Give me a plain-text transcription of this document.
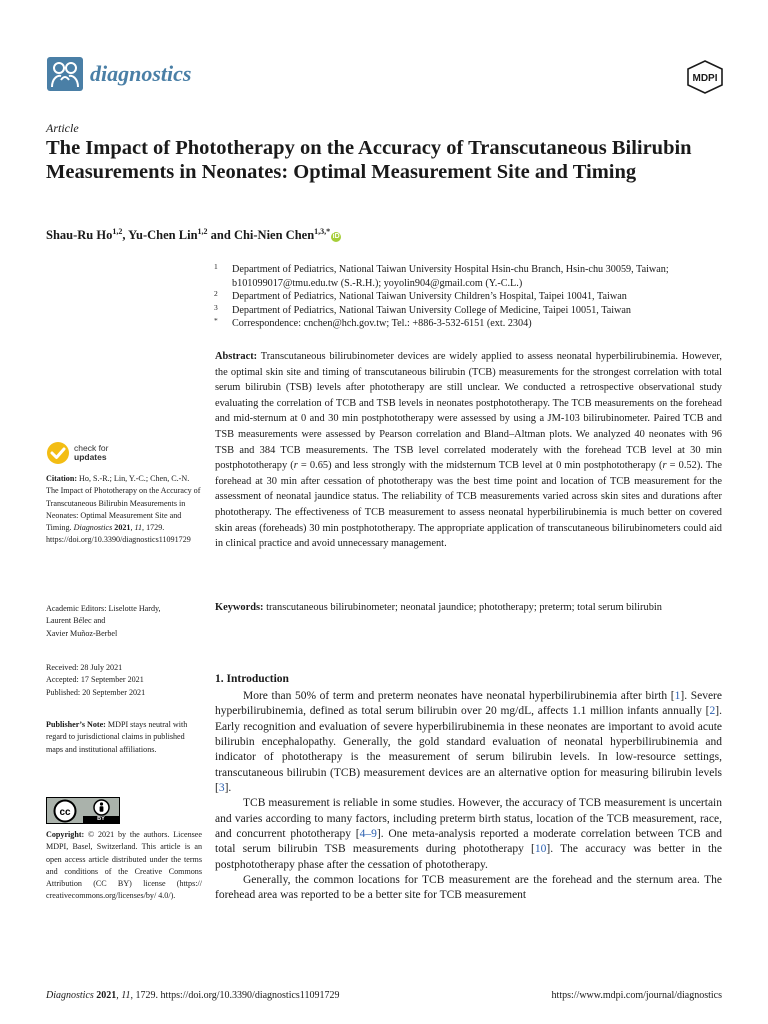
diagnostics	MDPI
Article
The Impact of Phototherapy on the Accuracy of Transcutaneous Bilirubin Measurements in Neonates: Optimal Measurement Site and Timing
Shau-Ru Ho$^{1,2}$, Yu-Chen Lin$^{1,2}$ and Chi-Nien Chen$^{1,3,*}$iD
1	Department of Pediatrics, National Taiwan University Hospital Hsin-chu Branch, Hsin-chu 30059, Taiwan;
b101099017@tmu.edu.tw (S.-R.H.); yoyolin904@gmail.com (Y.-C.L.)
2	Department of Pediatrics, National Taiwan University Children’s Hospital, Taipei 10041, Taiwan
3	Department of Pediatrics, National Taiwan University College of Medicine, Taipei 10051, Taiwan
*	Correspondence: cnchen@hch.gov.tw; Tel.: +886-3-532-6151 (ext. 2304)
Abstract: Transcutaneous bilirubinometer devices are widely applied to assess neonatal hyperbilirubinemia. However, the optimal skin site and timing of transcutaneous bilirubin (TCB) measurements for the strongest correlation with total serum bilirubin (TSB) levels after phototherapy are still unclear. We conducted a retrospective observational study evaluating the correlation of TCB and TSB levels in neonates postphototherapy. The TCB measurements on the forehead and mid-sternum at 0 and 30 min postphototherapy were assessed by using a JM-103 bilirubinometer. Paired TCB and TSB measurements were assessed by Pearson correlation and Bland–Altman plots. We analyzed 40 neonates with 96 TSB and 384 TCB measurements. The TSB level correlated moderately with the forehead TCB level at 30 min postphototherapy (r = 0.65) and less strongly with the midsternum TCB level at 0 min postphototherapy (r = 0.52). The forehead at 30 min after cessation of phototherapy was the best time point and location of TCB measurement for the assessment of neonatal jaundice status. The reliability of TCB measurements varied across skin sites and durations after phototherapy. The effectiveness of TCB measurement to assess neonatal hyperbilirubinemia is much better on covered skin areas (foreheads) 30 min postphototherapy. The appropriate application of transcutaneous bilirubinometers could aid in clinical practice and avoid unnecessary management.
Keywords: transcutaneous bilirubinometer; neonatal jaundice; phototherapy; preterm; total serum bilirubin
check for
updates
Citation: Ho, S.-R.; Lin, Y.-C.; Chen, C.-N. The Impact of Phototherapy on the Accuracy of Transcutaneous Bilirubin Measurements in Neonates: Optimal Measurement Site and Timing. Diagnostics 2021, 11, 1729. https://doi.org/10.3390/diagnostics11091729
Academic Editors: Liselotte Hardy,
Laurent Bélec and
Xavier Muñoz-Berbel
Received: 28 July 2021
Accepted: 17 September 2021
Published: 20 September 2021
Publisher’s Note: MDPI stays neutral with regard to jurisdictional claims in published maps and institutional affiliations.
cc
BY
Copyright: © 2021 by the authors. Licensee MDPI, Basel, Switzerland. This article is an open access article distributed under the terms and conditions of the Creative Commons Attribution (CC BY) license (https:// creativecommons.org/licenses/by/ 4.0/).
1. Introduction

More than 50% of term and preterm neonates have neonatal hyperbilirubinemia after birth [1]. Severe hyperbilirubinemia, defined as total serum bilirubin over 20 mg/dL, affects 1.1 million infants annually [2]. Early recognition and evaluation of severe hyperbilirubinemia in these neonates are important to avoid acute bilirubin encephalopathy. Generally, the gold standard evaluation of neonatal hyperbilirubinemia and indicator of phototherapy is the measurement of serum bilirubin levels. In low-resource settings, transcutaneous bilirubin (TCB) measurement devices are an alternative option for measuring bilirubin levels [3].

TCB measurement is reliable in some studies. However, the accuracy of TCB measurement is uncertain and varies according to many factors, including preterm birth status, location of the TCB measurement, race, and concurrent phototherapy [4–9]. One meta-analysis reported a moderate correlation between TCB and total serum bilirubin TSB measurements during phototherapy [10]. The accuracy was better in the postphototherapy phase after the cessation of phototherapy.

Generally, the common locations for TCB measurement are the forehead and the sternum area. The forehead area was reported to be a better site for TCB measurement

Diagnostics 2021, 11, 1729. https://doi.org/10.3390/diagnostics11091729	https://www.mdpi.com/journal/diagnostics
